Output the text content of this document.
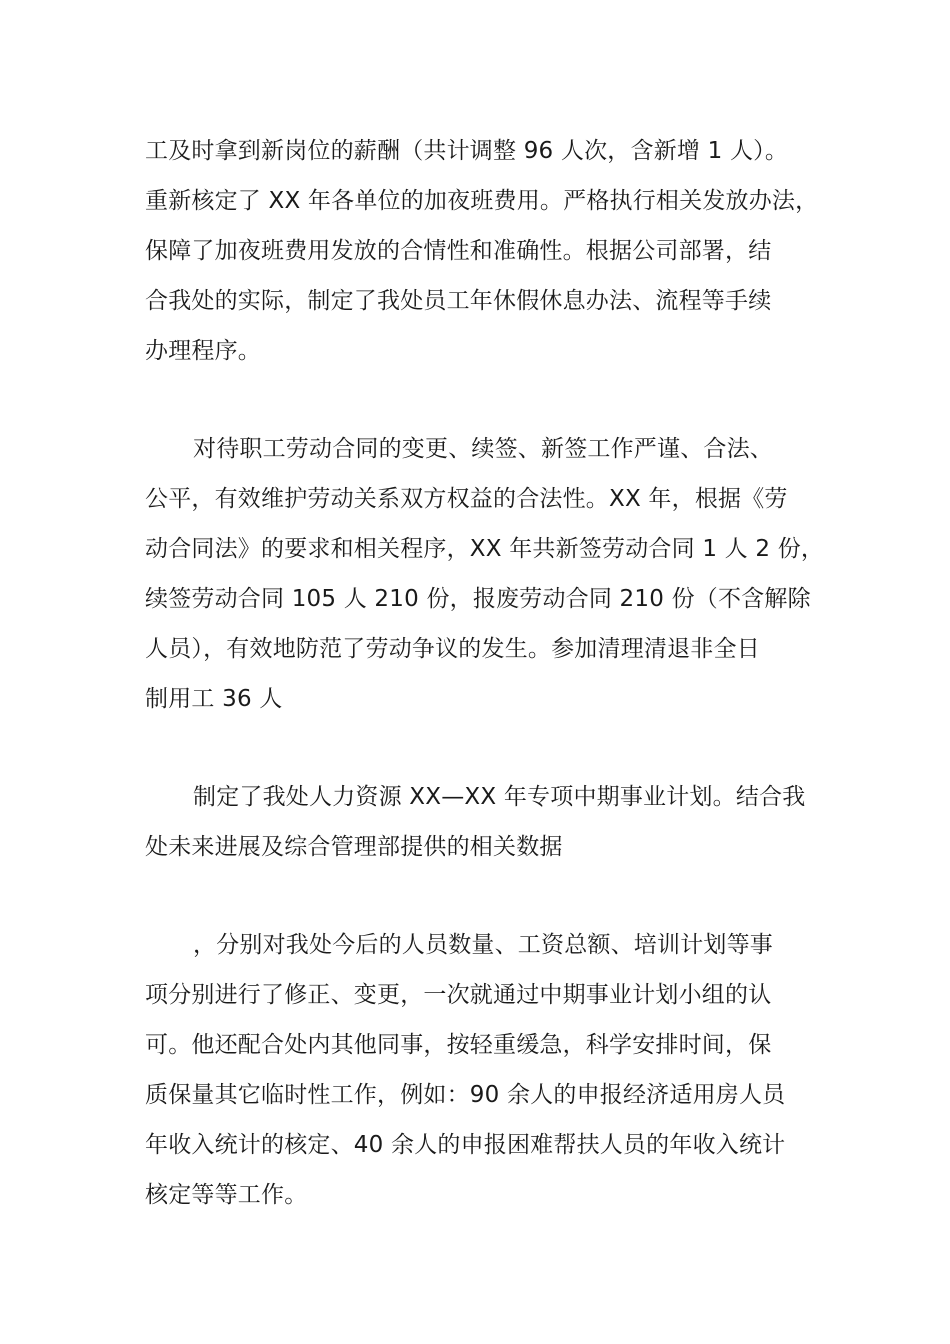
工及时拿到新岗位的薪酬（共计调整 96 人次，含新增 1 人）。
重新核定了 XX 年各单位的加夜班费用。严格执行相关发放办法，
保障了加夜班费用发放的合情性和准确性。根据公司部署，结
合我处的实际，制定了我处员工年休假休息办法、流程等手续
办理程序。
对待职工劳动合同的变更、续签、新签工作严谨、合法、
公平，有效维护劳动关系双方权益的合法性。XX 年，根据《劳
动合同法》的要求和相关程序，XX 年共新签劳动合同 1 人 2 份，
续签劳动合同 105 人 210 份，报废劳动合同 210 份（不含解除
人员），有效地防范了劳动争议的发生。参加清理清退非全日
制用工 36 人
制定了我处人力资源 XX—XX 年专项中期事业计划。结合我
处未来进展及综合管理部提供的相关数据
，分别对我处今后的人员数量、工资总额、培训计划等事
项分别进行了修正、变更，一次就通过中期事业计划小组的认
可。他还配合处内其他同事，按轻重缓急，科学安排时间，保
质保量其它临时性工作，例如：90 余人的申报经济适用房人员
年收入统计的核定、40 余人的申报困难帮扶人员的年收入统计
核定等等工作。
